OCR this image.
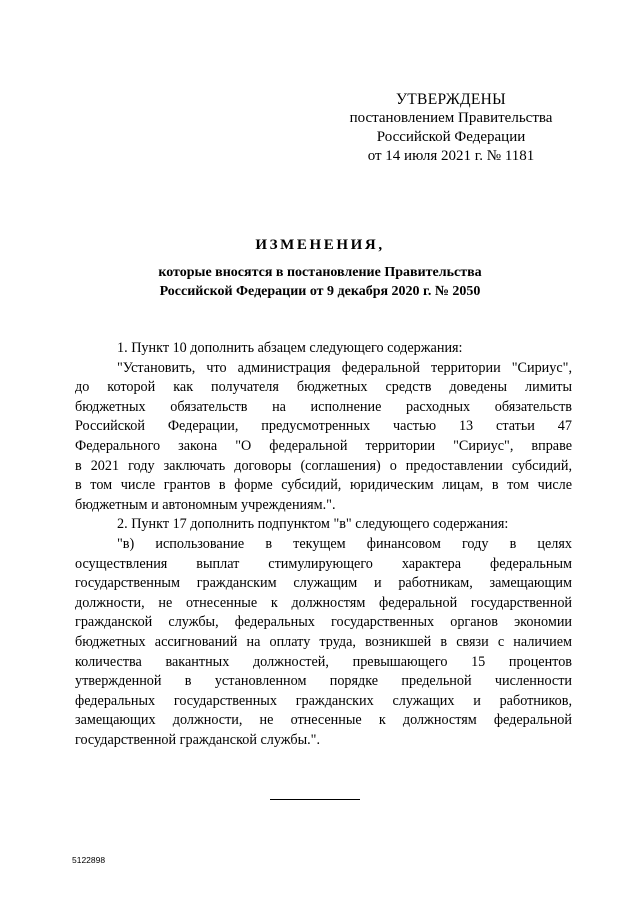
УТВЕРЖДЕНЫ
постановлением Правительства
Российской Федерации
от 14 июля 2021 г. № 1181
ИЗМЕНЕНИЯ,
которые вносятся в постановление Правительства
Российской Федерации от 9 декабря 2020 г. № 2050
1. Пункт 10 дополнить абзацем следующего содержания:
"Установить, что администрация федеральной территории "Сириус",
до которой как получателя бюджетных средств доведены лимиты
бюджетных обязательств на исполнение расходных обязательств
Российской Федерации, предусмотренных частью 13 статьи 47
Федерального закона "О федеральной территории "Сириус", вправе
в 2021 году заключать договоры (соглашения) о предоставлении субсидий,
в том числе грантов в форме субсидий, юридическим лицам, в том числе
бюджетным и автономным учреждениям.".
2. Пункт 17 дополнить подпунктом "в" следующего содержания:
"в) использование в текущем финансовом году в целях
осуществления выплат стимулирующего характера федеральным
государственным гражданским служащим и работникам, замещающим
должности, не отнесенные к должностям федеральной государственной
гражданской службы, федеральных государственных органов экономии
бюджетных ассигнований на оплату труда, возникшей в связи с наличием
количества вакантных должностей, превышающего 15 процентов
утвержденной в установленном порядке предельной численности
федеральных государственных гражданских служащих и работников,
замещающих должности, не отнесенные к должностям федеральной
государственной гражданской службы.".
5122898
